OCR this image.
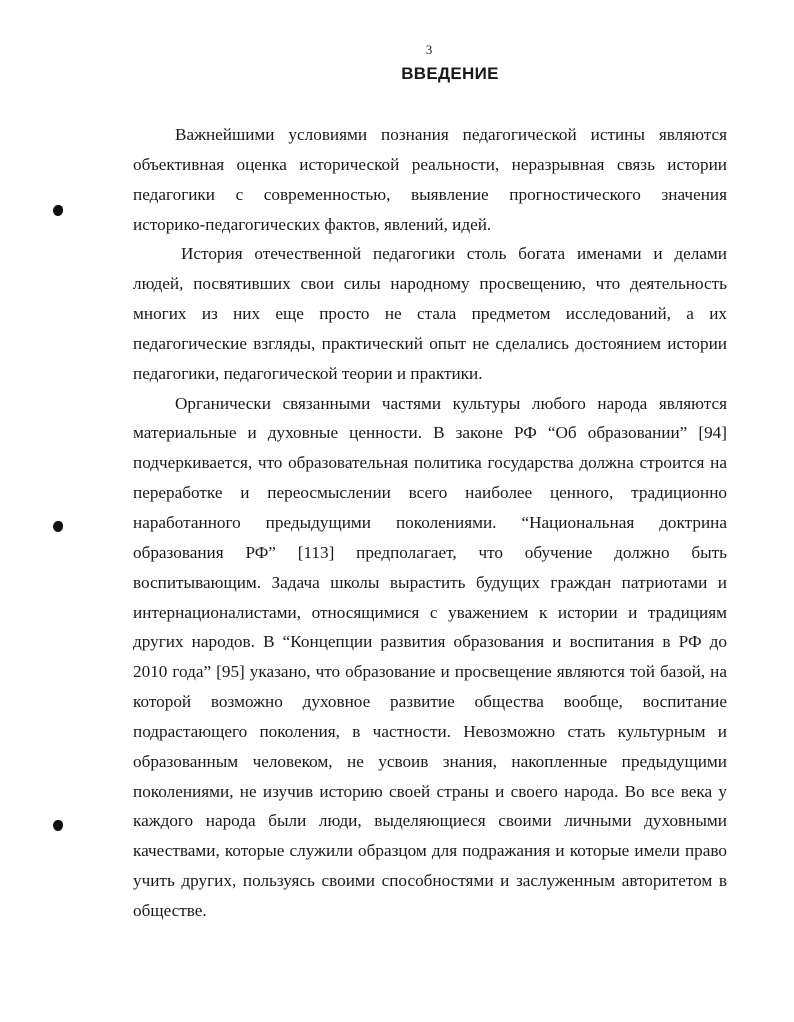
3
ВВЕДЕНИЕ
Важнейшими условиями познания педагогической истины являются
объективная оценка исторической реальности, неразрывная связь истории
педагогики с современностью, выявление прогностического значения
историко-педагогических фактов, явлений, идей.
История отечественной педагогики столь богата именами и делами
людей, посвятивших свои силы народному просвещению, что деятельность
многих из них еще просто не стала предметом исследований, а их
педагогические взгляды, практический опыт не сделались достоянием истории
педагогики, педагогической теории и практики.
Органически связанными частями культуры любого народа являются
материальные и духовные ценности. В законе РФ “Об образовании” [94]
подчеркивается, что образовательная политика государства должна строится на
переработке и переосмыслении всего наиболее ценного, традиционно
наработанного предыдущими поколениями. “Национальная доктрина
образования РФ” [113] предполагает, что обучение должно быть
воспитывающим. Задача школы вырастить будущих граждан патриотами и
интернационалистами, относящимися с уважением к истории и традициям
других народов. В “Концепции развития образования и воспитания в РФ до
2010 года” [95] указано, что образование и просвещение являются той базой, на
которой возможно духовное развитие общества вообще, воспитание
подрастающего поколения, в частности. Невозможно стать культурным и
образованным человеком, не усвоив знания, накопленные предыдущими
поколениями, не изучив историю своей страны и своего народа. Во все века у
каждого народа были люди, выделяющиеся своими личными духовными
качествами, которые служили образцом для подражания и которые имели право
учить других, пользуясь своими способностями и заслуженным авторитетом в
обществе.
